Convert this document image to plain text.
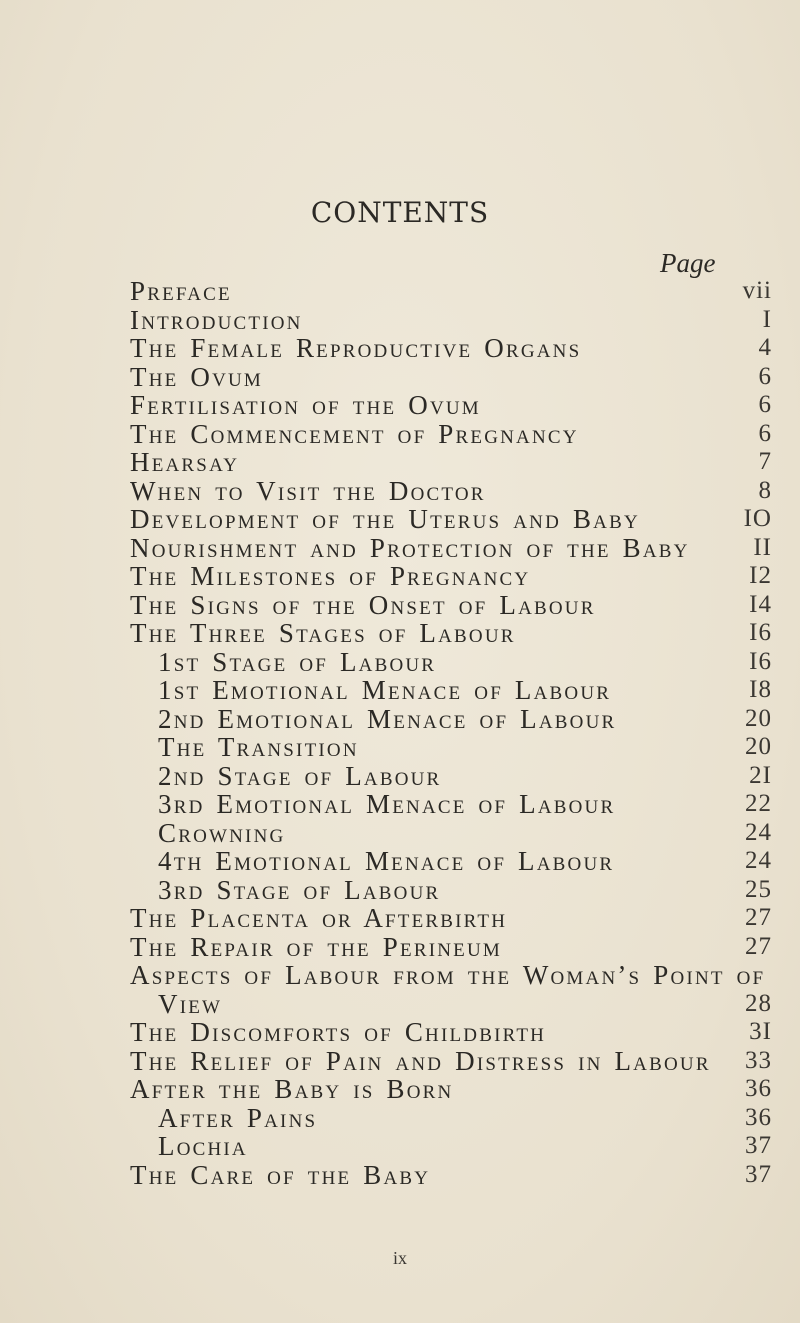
CONTENTS
Page
Preface	vii
Introduction	I
The Female Reproductive Organs	4
The Ovum	6
Fertilisation of the Ovum	6
The Commencement of Pregnancy	6
Hearsay	7
When to Visit the Doctor	8
Development of the Uterus and Baby	IO
Nourishment and Protection of the Baby	II
The Milestones of Pregnancy	I2
The Signs of the Onset of Labour	I4
The Three Stages of Labour	I6
1st Stage of Labour	I6
1st Emotional Menace of Labour	I8
2nd Emotional Menace of Labour	20
The Transition	20
2nd Stage of Labour	2I
3rd Emotional Menace of Labour	22
Crowning	24
4th Emotional Menace of Labour	24
3rd Stage of Labour	25
The Placenta or Afterbirth	27
The Repair of the Perineum	27
Aspects of Labour from the Woman’s Point of
View	28
The Discomforts of Childbirth	3I
The Relief of Pain and Distress in Labour 33
After the Baby is Born	36
After Pains	36
Lochia	37
The Care of the Baby	37
ix
